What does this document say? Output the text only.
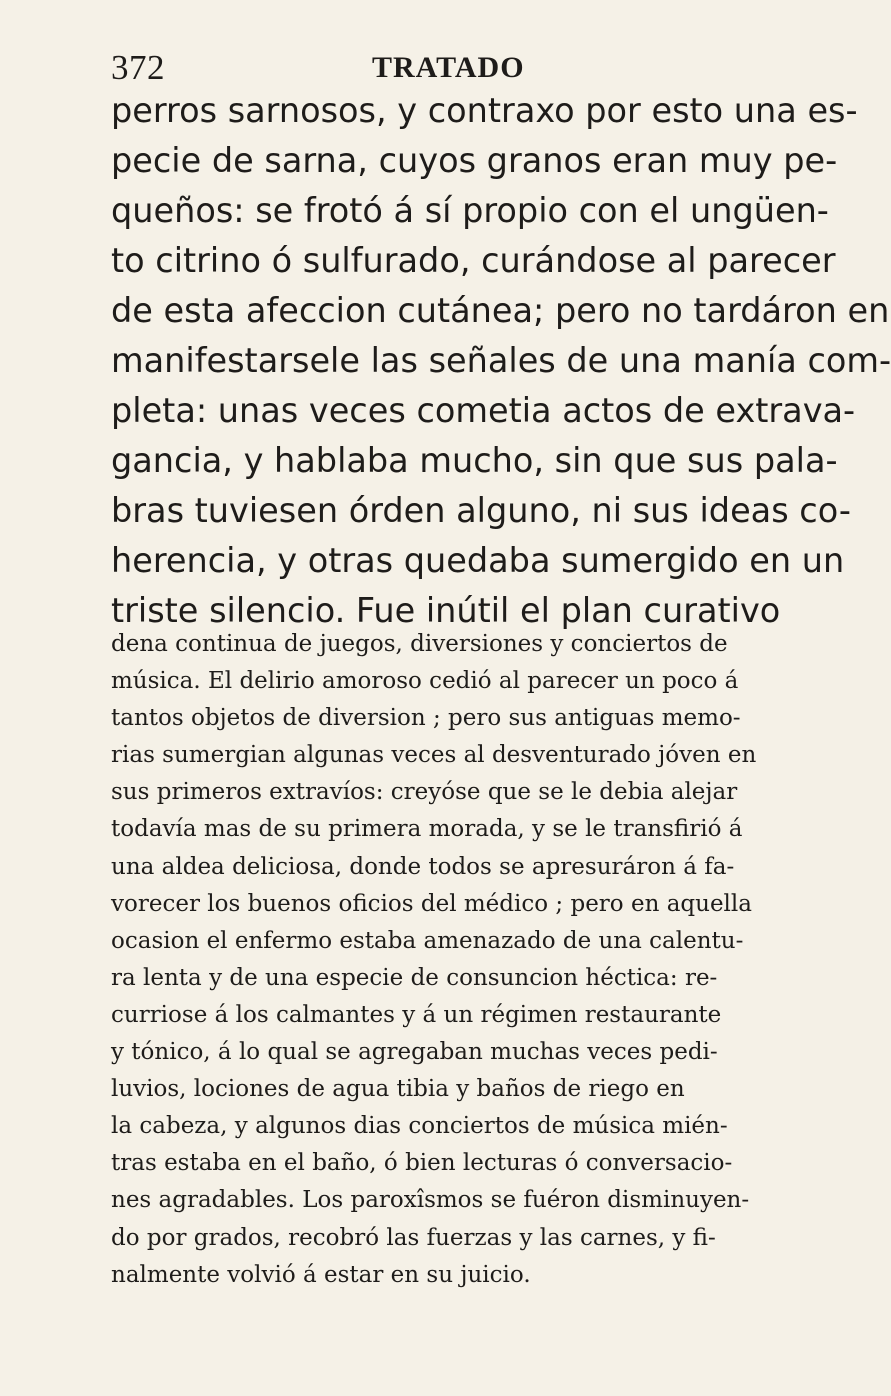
372	TRATADO
perros sarnosos, y contraxo por esto una es-
pecie de sarna, cuyos granos eran muy pe-
queños: se frotó á sí propio con el ungüen-
to citrino ó sulfurado, curándose al parecer
de esta afeccion cutánea; pero no tardáron en
manifestarsele las señales de una manía com-
pleta: unas veces cometia actos de extrava-
gancia, y hablaba mucho, sin que sus pala-
bras tuviesen órden alguno, ni sus ideas co-
herencia, y otras quedaba sumergido en un
triste silencio. Fue inútil el plan curativo
dena continua de juegos, diversiones y conciertos de
música. El delirio amoroso cedió al parecer un poco á
tantos objetos de diversion ; pero sus antiguas memo-
rias sumergian algunas veces al desventurado jóven en
sus primeros extravíos: creyóse que se le debia alejar
todavía mas de su primera morada, y se le transfirió á
una aldea deliciosa, donde todos se apresuráron á fa-
vorecer los buenos oficios del médico ; pero en aquella
ocasion el enfermo estaba amenazado de una calentu-
ra lenta y de una especie de consuncion héctica: re-
curriose á los calmantes y á un régimen restaurante
y tónico, á lo qual se agregaban muchas veces pedi-
luvios, lociones de agua tibia y baños de riego en
la cabeza, y algunos dias conciertos de música mién-
tras estaba en el baño, ó bien lecturas ó conversacio-
nes agradables. Los paroxîsmos se fuéron disminuyen-
do por grados, recobró las fuerzas y las carnes, y fi-
nalmente volvió á estar en su juicio.
